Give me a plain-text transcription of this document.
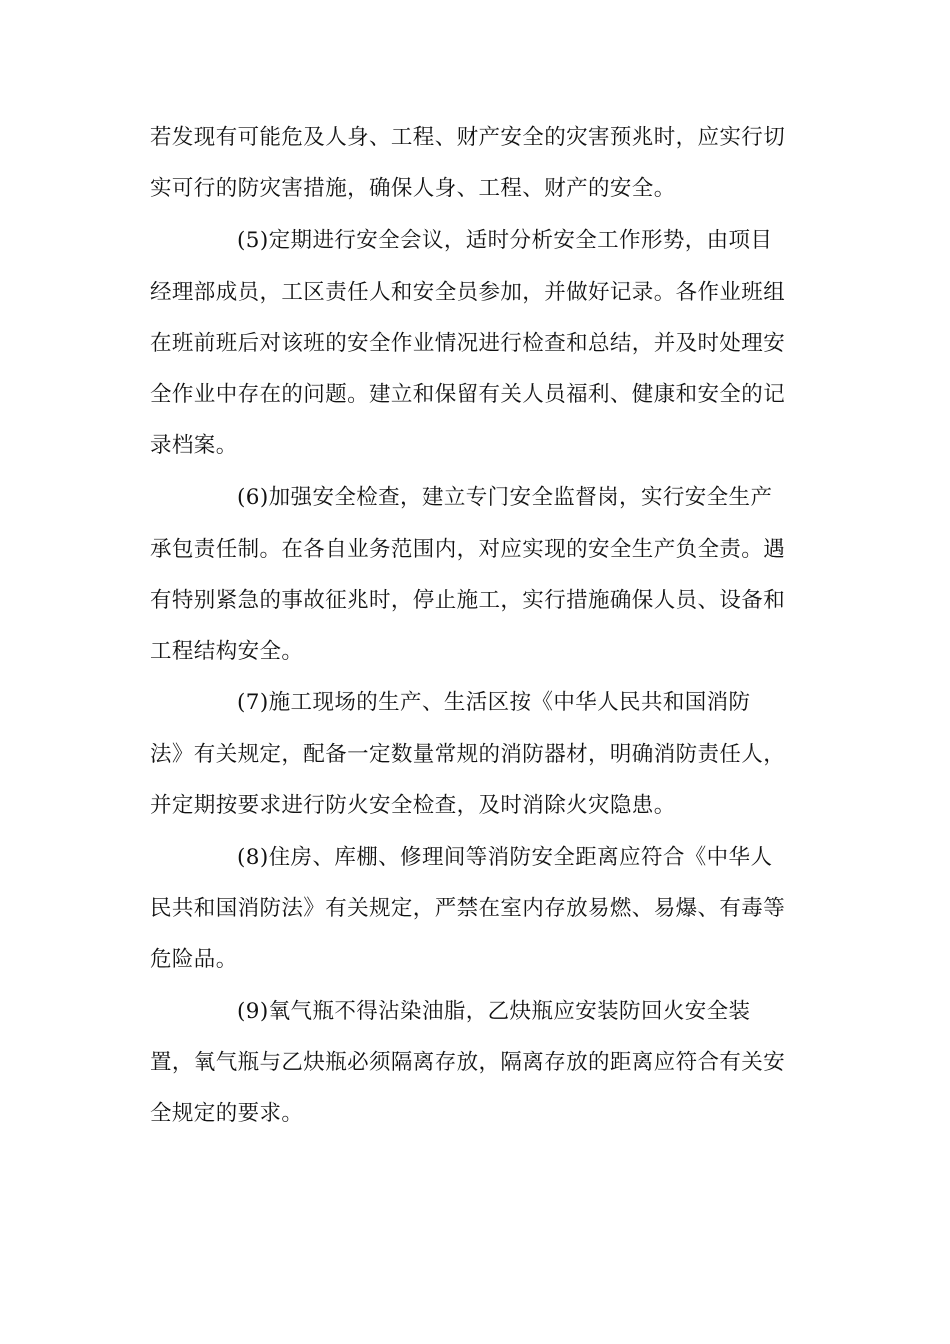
若发现有可能危及人身、工程、财产安全的灾害预兆时，应实行切
实可行的防灾害措施，确保人身、工程、财产的安全。
(5)定期进行安全会议，适时分析安全工作形势，由项目
经理部成员，工区责任人和安全员参加，并做好记录。各作业班组
在班前班后对该班的安全作业情况进行检查和总结，并及时处理安
全作业中存在的问题。建立和保留有关人员福利、健康和安全的记
录档案。
(6)加强安全检查，建立专门安全监督岗，实行安全生产
承包责任制。在各自业务范围内，对应实现的安全生产负全责。遇
有特别紧急的事故征兆时，停止施工，实行措施确保人员、设备和
工程结构安全。
(7)施工现场的生产、生活区按《中华人民共和国消防
法》有关规定，配备一定数量常规的消防器材，明确消防责任人，
并定期按要求进行防火安全检查，及时消除火灾隐患。
(8)住房、库棚、修理间等消防安全距离应符合《中华人
民共和国消防法》有关规定，严禁在室内存放易燃、易爆、有毒等
危险品。
(9)氧气瓶不得沾染油脂，乙炔瓶应安装防回火安全装
置，氧气瓶与乙炔瓶必须隔离存放，隔离存放的距离应符合有关安
全规定的要求。
